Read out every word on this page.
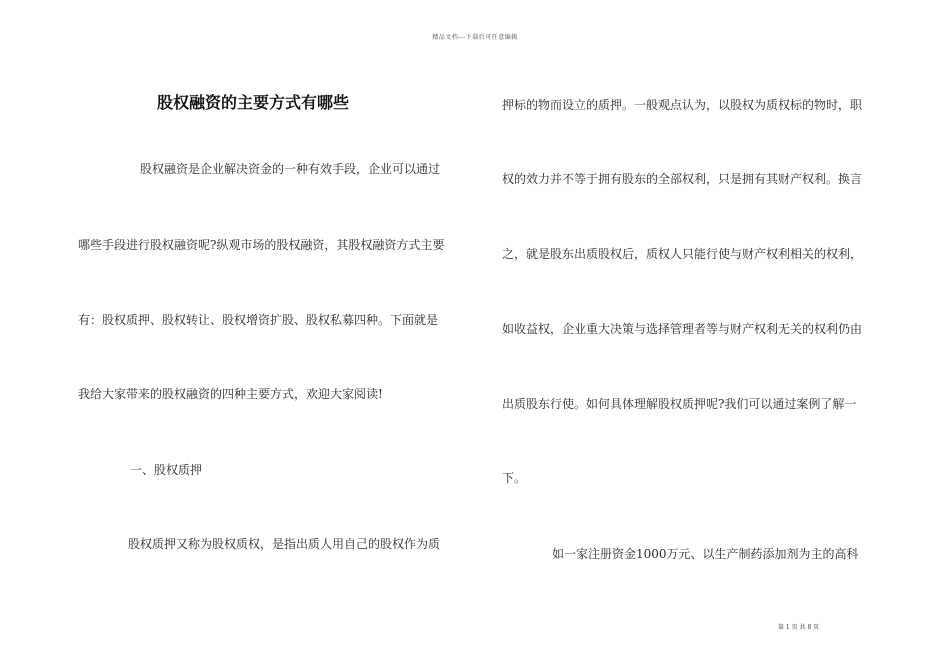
精品文档---下载后可任意编辑
股权融资的主要方式有哪些
股权融资是企业解决资金的一种有效手段，企业可以通过
哪些手段进行股权融资呢?纵观市场的股权融资，其股权融资方式主要
有：股权质押、股权转让、股权增资扩股、股权私募四种。下面就是
我给大家带来的股权融资的四种主要方式，欢迎大家阅读!
一、股权质押
股权质押又称为股权质权，是指出质人用自己的股权作为质
押标的物而设立的质押。一般观点认为，以股权为质权标的物时，职
权的效力并不等于拥有股东的全部权利，只是拥有其财产权利。换言
之，就是股东出质股权后，质权人只能行使与财产权利相关的权利，
如收益权，企业重大决策与选择管理者等与财产权利无关的权利仍由
出质股东行使。如何具体理解股权质押呢?我们可以通过案例了解一
下。
如一家注册资金1000万元、以生产制药添加剂为主的高科
第 1 页 共 8 页
